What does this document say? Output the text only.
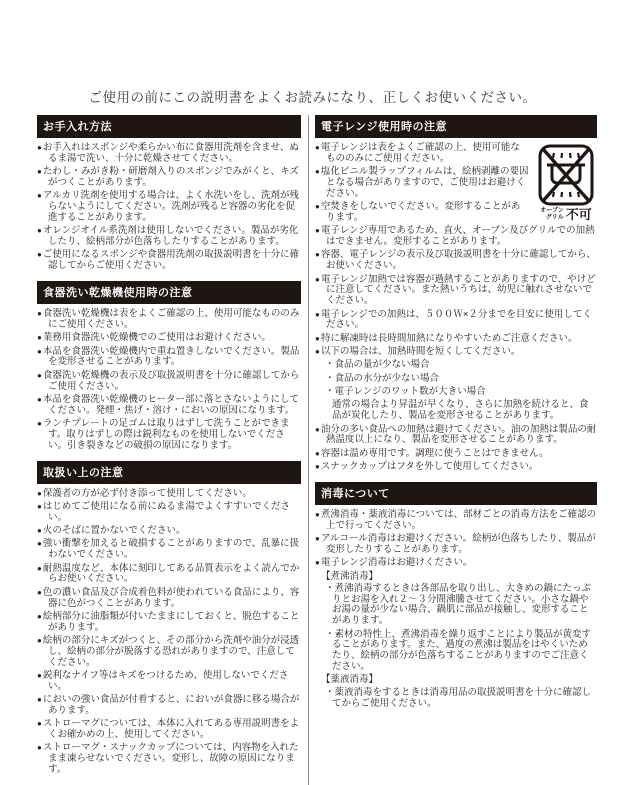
ご使用の前にこの説明書をよくお読みになり、正しくお使いください。
お手入れ方法
● お手入れはスポンジや柔らかい布に食器用洗剤を含ませ、ぬるま湯で洗い、十分に乾燥させてください。
● たわし・みがき粉・研磨剤入りのスポンジでみがくと、キズがつくことがあります。
● アルカリ洗剤を使用する場合は、よく水洗いをし、洗剤が残らないようにしてください。洗剤が残ると容器の劣化を促進することがあります。
● オレンジオイル系洗剤は使用しないでください。製品が劣化したり、絵柄部分が色落ちしたりすることがあります。
● ご使用になるスポンジや食器用洗剤の取扱説明書を十分に確認してからご使用ください。
食器洗い乾燥機使用時の注意
● 食器洗い乾燥機は表をよくご確認の上、使用可能なもののみにご使用ください。
● 業務用食器洗い乾燥機でのご使用はお避けください。
● 本品を食器洗い乾燥機内で重ね置きしないでください。製品を変形させることがあります。
● 食器洗い乾燥機の表示及び取扱説明書を十分に確認してからご使用ください。
● 本品を食器洗い乾燥機のヒーター部に落とさないようにしてください。発煙・焦げ・溶け・においの原因になります。
● ランチプレートの足ゴムは取りはずして洗うことができます。取りはずしの際は鋭利なものを使用しないでください。引き裂きなどの破損の原因になります。
取扱い上の注意
● 保護者の方が必ず付き添って使用してください。
● はじめてご使用になる前にぬるま湯でよくすすいでください。
● 火のそばに置かないでください。
● 強い衝撃を加えると破損することがありますので、乱暴に扱わないでください。
● 耐熱温度など、本体に刻印してある品質表示をよく読んでからお使いください。
● 色の濃い食品及び合成着色料が使われている食品により、容器に色がつくことがあります。
● 絵柄部分に油脂類が付いたままにしておくと、脱色することがあります。
● 絵柄の部分にキズがつくと、その部分から洗剤や油分が浸透し、絵柄の部分が脱落する恐れがありますので、注意してください。
● 鋭利なナイフ等はキズをつけるため、使用しないでください。
● においの強い食品が付着すると、においが食器に移る場合があります。
● ストローマグについては、本体に入れてある専用説明書をよくお確かめの上、使用してください。
● ストローマグ・スナックカップについては、内容物を入れたまま凍らせないでください。変形し、故障の原因になります。
電子レンジ使用時の注意
オーブン
グリル 不可
● 電子レンジは表をよくご確認の上、使用可能なもののみにご使用ください。
● 塩化ビニル製ラップフィルムは、絵柄剥離の要因となる場合がありますので、ご使用はお避けください。
● 空焚きをしないでください。変形することがあります。
● 電子レンジ専用であるため、直火、オーブン及びグリルでの加熱はできません。変形することがあります。
● 容器、電子レンジの表示及び取扱説明書を十分に確認してから、お使いください。
● 電子レンジ加熱では容器が過熱することがありますので、やけどに注意してください。また熱いうちは、幼児に触れさせないでください。
● 電子レンジでの加熱は、５００Ｗ×２分までを目安に使用してください。
● 特に解凍時は長時間加熱になりやすいためご注意ください。
● 以下の場合は、加熱時間を短くしてください。
・ 食品の量が少ない場合
・ 食品の水分が少ない場合
・ 電子レンジのワット数が大きい場合
通常の場合より昇温が早くなり、さらに加熱を続けると、食品が炭化したり、製品を変形させることがあります。
● 油分の多い食品への加熱は避けてください。油の加熱は製品の耐熱温度以上になり、製品を変形させることがあります。
● 容器は温め専用です。調理に使うことはできません。
● スナックカップはフタを外して使用してください。
消毒について
● 煮沸消毒・薬液消毒については、部材ごとの消毒方法をご確認の上で行ってください。
● アルコール消毒はお避けください。絵柄が色落ちしたり、製品が変形したりすることがあります。
● 電子レンジ消毒はお避けください。
【煮沸消毒】
・ 煮沸消毒するときは各部品を取り出し、大きめの鍋にたっぷりとお湯を入れ２〜３分間沸騰させてください。小さな鍋やお湯の量が少ない場合、鍋肌に部品が接触し、変形することがあります。
・ 素材の特性上、煮沸消毒を繰り返すことにより製品が黄変することがあります。また、過度の煮沸は製品をはやくいためたり、絵柄の部分が色落ちすることがありますのでご注意ください。
【薬液消毒】
・ 薬液消毒をするときは消毒用品の取扱説明書を十分に確認してからご使用ください。
